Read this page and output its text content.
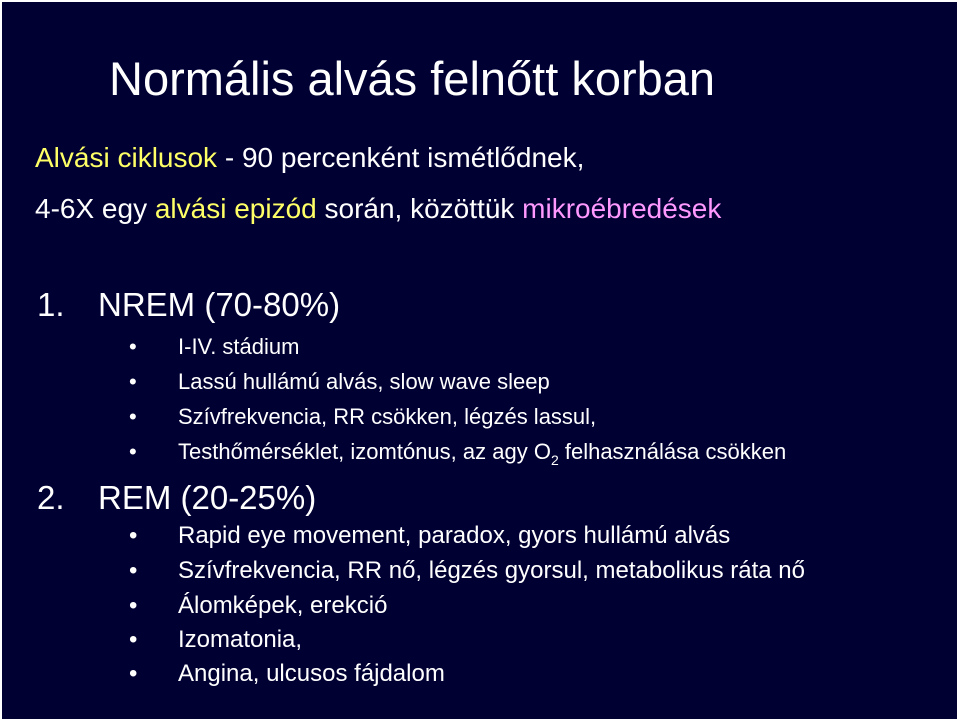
Normális alvás felnőtt korban
Alvási ciklusok - 90 percenként ismétlődnek,
4-6X egy alvási epizód során, közöttük mikroébredések
1. NREM (70-80%)
• I-IV. stádium
• Lassú hullámú alvás, slow wave sleep
• Szívfrekvencia, RR csökken, légzés lassul,
• Testhőmérséklet, izomtónus, az agy $O_2$ felhasználása csökken
2. REM (20-25%)
• Rapid eye movement, paradox, gyors hullámú alvás
• Szívfrekvencia, RR nő, légzés gyorsul, metabolikus ráta nő
• Álomképek, erekció
• Izomatonia,
• Angina, ulcusos fájdalom
